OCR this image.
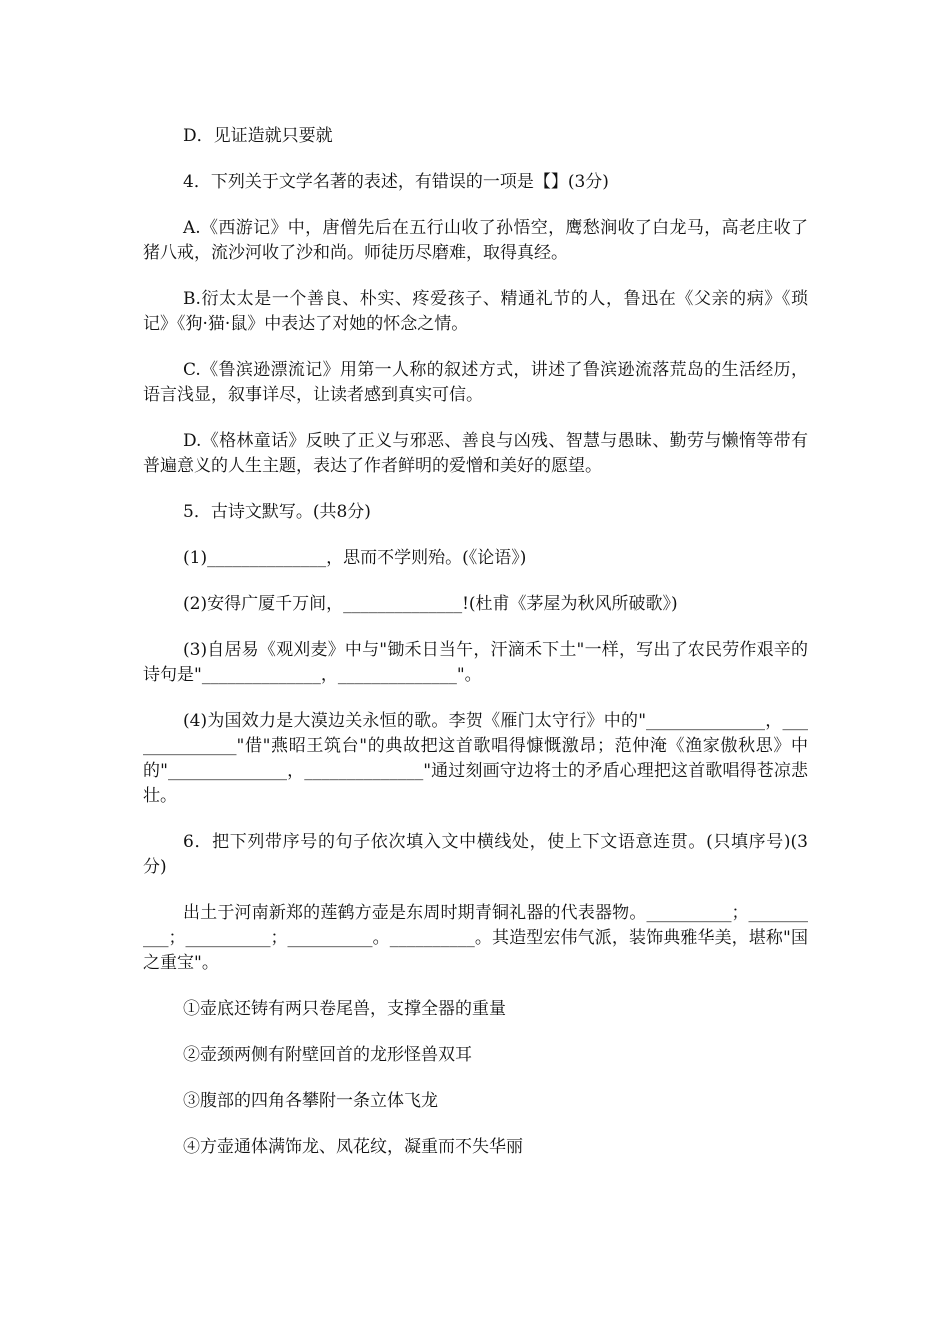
D．见证造就只要就

4．下列关于文学名著的表述，有错误的一项是【】(3分)

A.《西游记》中，唐僧先后在五行山收了孙悟空，鹰愁涧收了白龙马，高老庄收了猪八戒，流沙河收了沙和尚。师徒历尽磨难，取得真经。

B.衍太太是一个善良、朴实、疼爱孩子、精通礼节的人，鲁迅在《父亲的病》《琐记》《狗·猫·鼠》中表达了对她的怀念之情。

C.《鲁滨逊漂流记》用第一人称的叙述方式，讲述了鲁滨逊流落荒岛的生活经历，语言浅显，叙事详尽，让读者感到真实可信。

D.《格林童话》反映了正义与邪恶、善良与凶残、智慧与愚昧、勤劳与懒惰等带有普遍意义的人生主题，表达了作者鲜明的爱憎和美好的愿望。

5．古诗文默写。(共8分)

(1)______________，思而不学则殆。(《论语》)

(2)安得广厦千万间，______________!(杜甫《茅屋为秋风所破歌》)

(3)自居易《观刈麦》中与"锄禾日当午，汗滴禾下土"一样，写出了农民劳作艰辛的诗句是"______________，______________"。

(4)为国效力是大漠边关永恒的歌。李贺《雁门太守行》中的"______________，______________"借"燕昭王筑台"的典故把这首歌唱得慷慨激昂；范仲淹《渔家傲秋思》中的"______________，______________"通过刻画守边将士的矛盾心理把这首歌唱得苍凉悲壮。

6．把下列带序号的句子依次填入文中横线处，使上下文语意连贯。(只填序号)(3分)

出土于河南新郑的莲鹤方壶是东周时期青铜礼器的代表器物。__________；__________；__________；__________。__________。其造型宏伟气派，装饰典雅华美，堪称"国之重宝"。

①壶底还铸有两只卷尾兽，支撑全器的重量

②壶颈两侧有附壁回首的龙形怪兽双耳

③腹部的四角各攀附一条立体飞龙

④方壶通体满饰龙、凤花纹，凝重而不失华丽
